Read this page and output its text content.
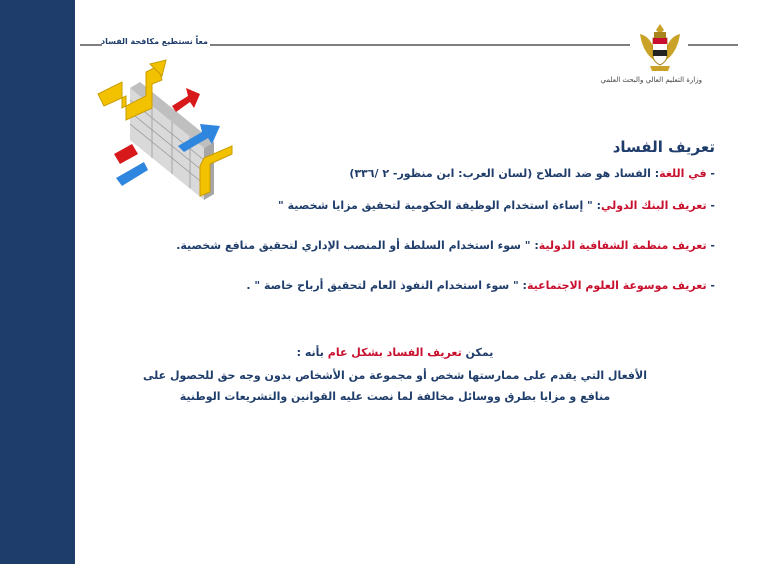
معاً نستطيع مكافحة الفساد
وزارة التعليم العالي والبحث العلمي
تعريف الفساد

- في اللغة: الفساد هو ضد الصلاح (لسان العرب: ابن منظور- ٢ /٣٣٦)

- تعريف البنك الدولي: " إساءة استخدام الوظيفة الحكومية لتحقيق مزايا شخصية "

- تعريف منظمة الشفافية الدولية: " سوء استخدام السلطة أو المنصب الإداري لتحقيق منافع شخصية.

- تعريف موسوعة العلوم الاجتماعية: " سوء استخدام النفوذ العام لتحقيق أرباح خاصة " .

يمكن تعريف الفساد بشكل عام بأنه :
الأفعال التي يقدم على ممارستها شخص أو مجموعة من الأشخاص بدون وجه حق للحصول على
منافع و مزايا بطرق ووسائل مخالفة لما نصت عليه القوانين والتشريعات الوطنية
